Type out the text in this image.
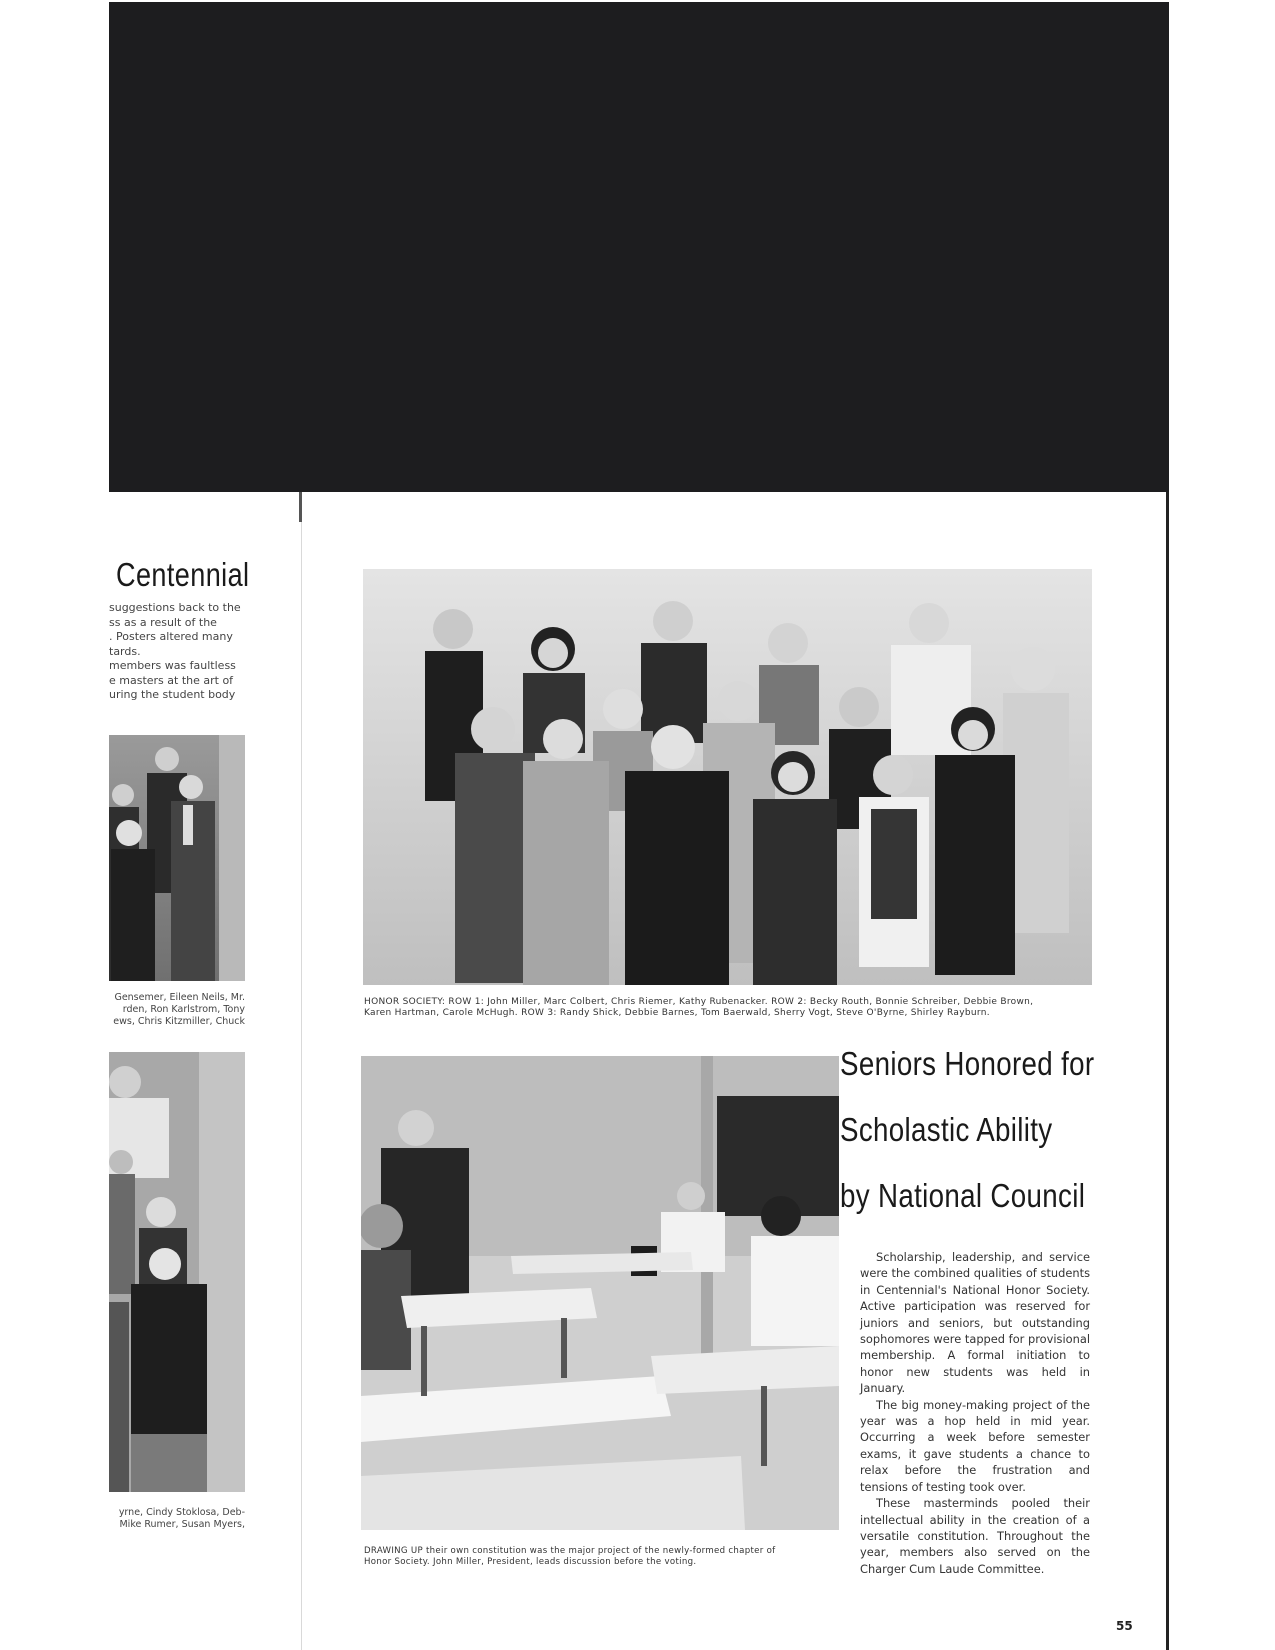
Centennial

suggestions back to the

ss as a result of the

. Posters altered many

tards.

members was faultless

e masters at the art of

uring the student body

Gensemer, Eileen Neils, Mr.

rden, Ron Karlstrom, Tony

ews, Chris Kitzmiller, Chuck

yrne, Cindy Stoklosa, Deb-

Mike Rumer, Susan Myers,

HONOR SOCIETY: ROW 1: John Miller, Marc Colbert, Chris Riemer, Kathy Rubenacker. ROW 2: Becky Routh, Bonnie Schreiber, Debbie Brown,
Karen Hartman, Carole McHugh. ROW 3: Randy Shick, Debbie Barnes, Tom Baerwald, Sherry Vogt, Steve O'Byrne, Shirley Rayburn.
DRAWING UP their own constitution was the major project of the newly-formed chapter of
Honor Society. John Miller, President, leads discussion before the voting.
Seniors Honored for
Scholastic Ability
by National Council

Scholarship, leadership, and service were the combined qualities of students in Centennial's National Honor Society. Active participation was reserved for juniors and seniors, but outstanding sophomores were tapped for provisional membership. A formal initiation to honor new students was held in January.

The big money-making project of the year was a hop held in mid year. Occurring a week before semester exams, it gave students a chance to relax before the frustration and tensions of testing took over.

These masterminds pooled their intellectual ability in the creation of a versatile constitution. Throughout the year, members also served on the Charger Cum Laude Committee.

55
